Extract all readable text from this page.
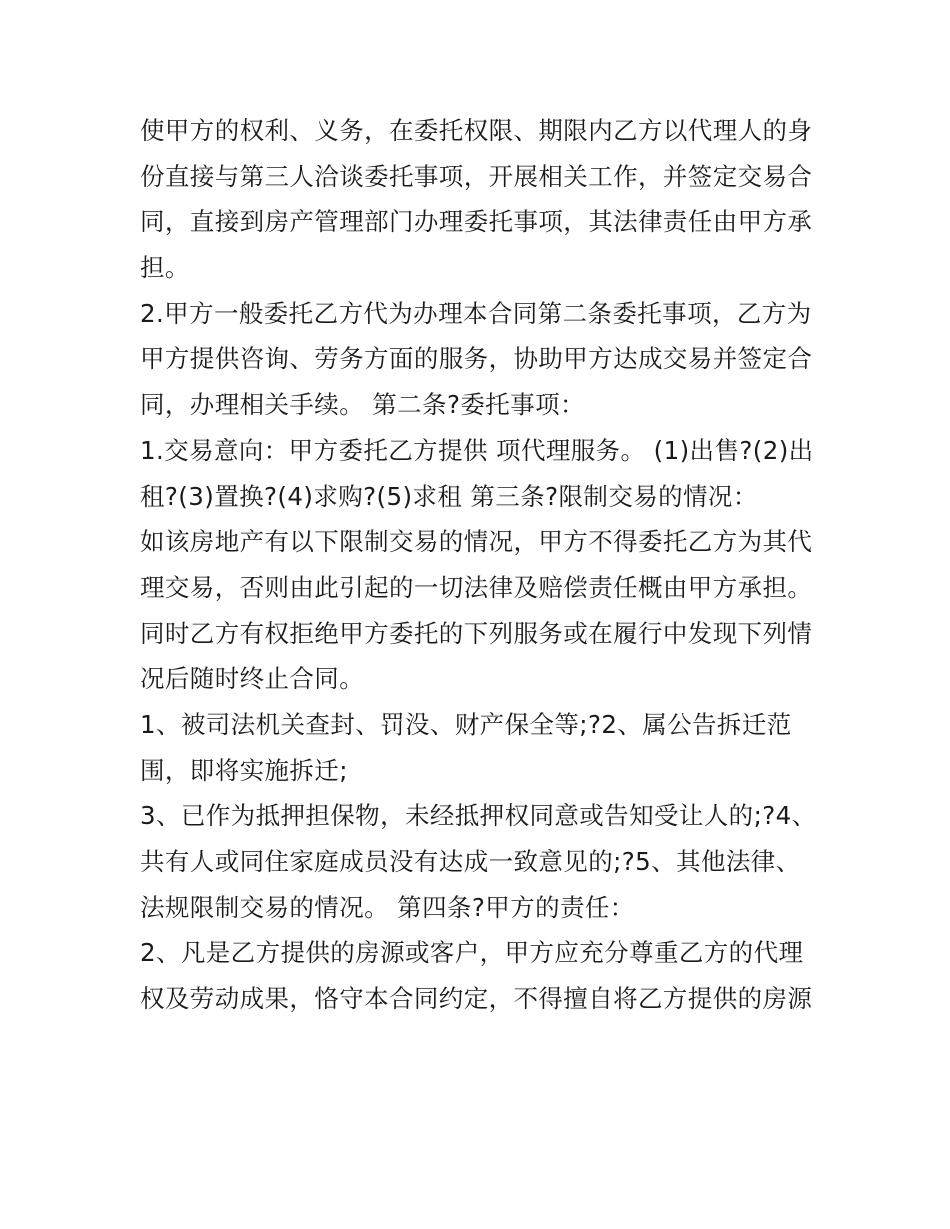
使甲方的权利、义务，在委托权限、期限内乙方以代理人的身
份直接与第三人洽谈委托事项，开展相关工作，并签定交易合
同，直接到房产管理部门办理委托事项，其法律责任由甲方承
担。
2.甲方一般委托乙方代为办理本合同第二条委托事项，乙方为
甲方提供咨询、劳务方面的服务，协助甲方达成交易并签定合
同，办理相关手续。 第二条?委托事项：
1.交易意向：甲方委托乙方提供 项代理服务。 (1)出售?(2)出
租?(3)置换?(4)求购?(5)求租 第三条?限制交易的情况：
如该房地产有以下限制交易的情况，甲方不得委托乙方为其代
理交易，否则由此引起的一切法律及赔偿责任概由甲方承担。
同时乙方有权拒绝甲方委托的下列服务或在履行中发现下列情
况后随时终止合同。
1、被司法机关查封、罚没、财产保全等;?2、属公告拆迁范
围，即将实施拆迁;
3、已作为抵押担保物，未经抵押权同意或告知受让人的;?4、
共有人或同住家庭成员没有达成一致意见的;?5、其他法律、
法规限制交易的情况。 第四条?甲方的责任：
2、凡是乙方提供的房源或客户，甲方应充分尊重乙方的代理
权及劳动成果，恪守本合同约定，不得擅自将乙方提供的房源
